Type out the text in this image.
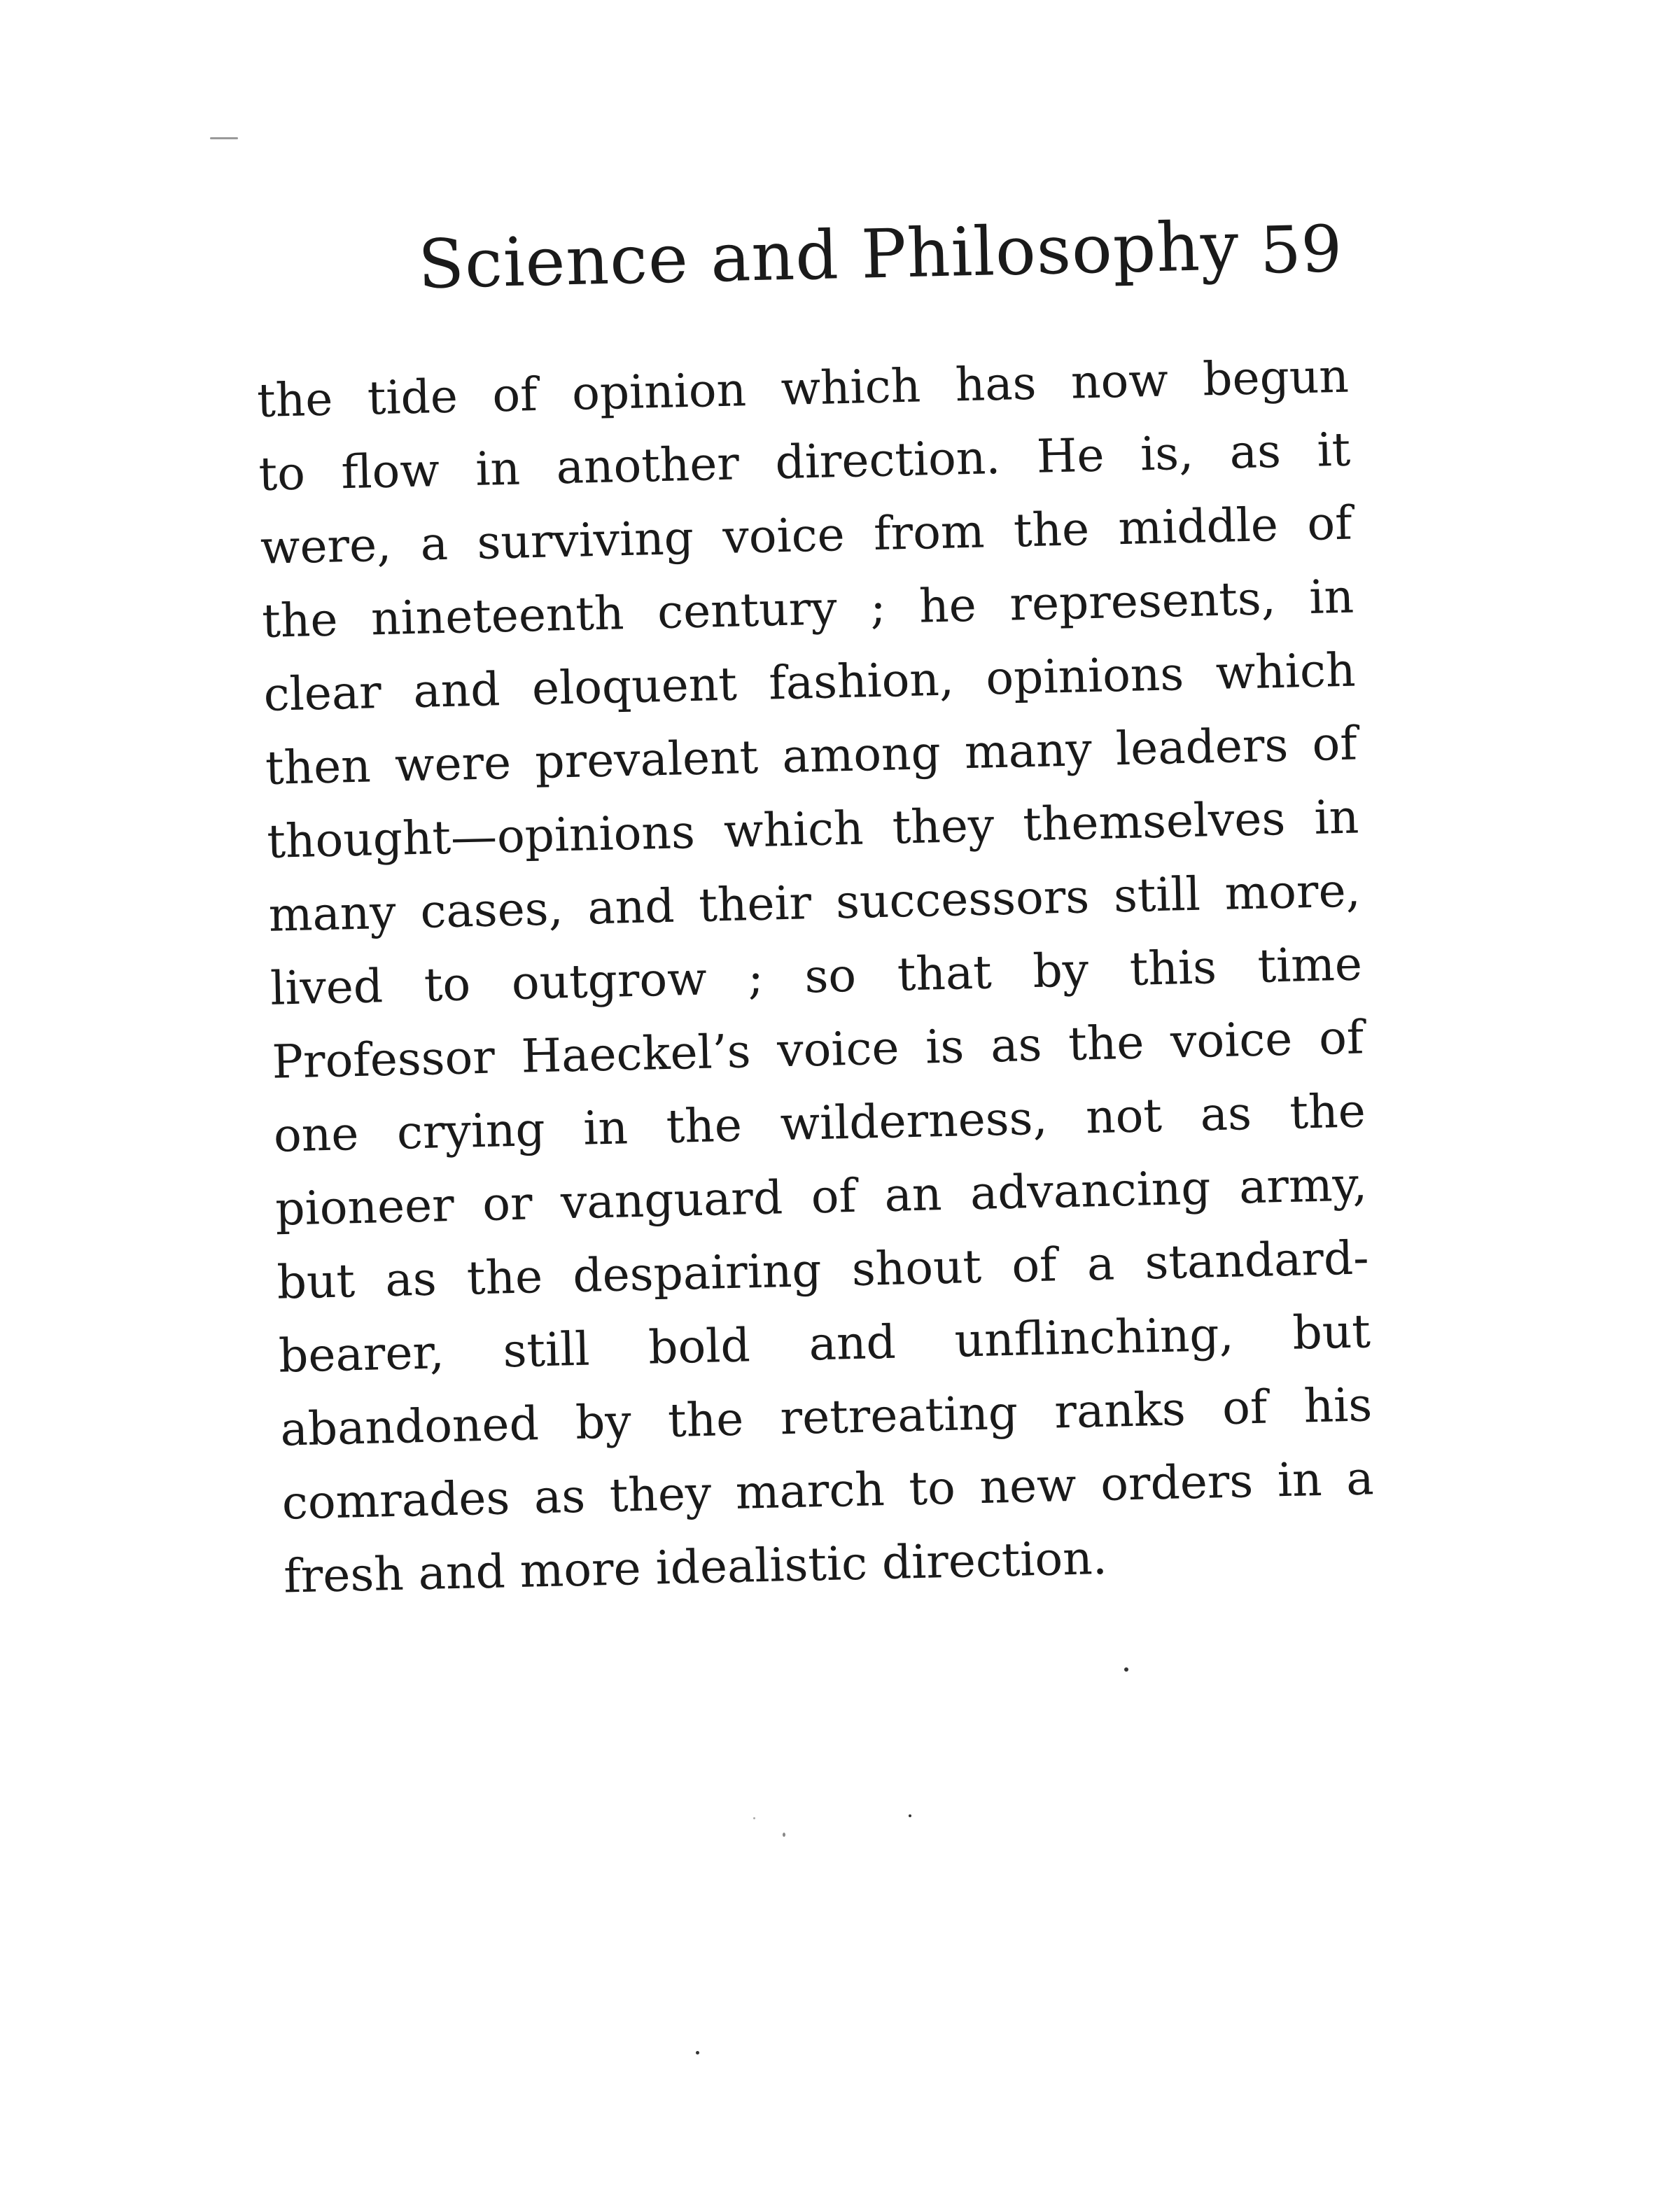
Science and Philosophy 59
the tide of opinion which has now begun
to flow in another direction. He is, as it
were, a surviving voice from the middle of
the nineteenth century ; he represents, in
clear and eloquent fashion, opinions which
then were prevalent among many leaders of
thought—opinions which they themselves in
many cases, and their successors still more,
lived to outgrow ; so that by this time
Professor Haeckel’s voice is as the voice of
one crying in the wilderness, not as the
pioneer or vanguard of an advancing army,
but as the despairing shout of a standard-
bearer, still bold and unflinching, but
abandoned by the retreating ranks of his
comrades as they march to new orders in a
fresh and more idealistic direction.
